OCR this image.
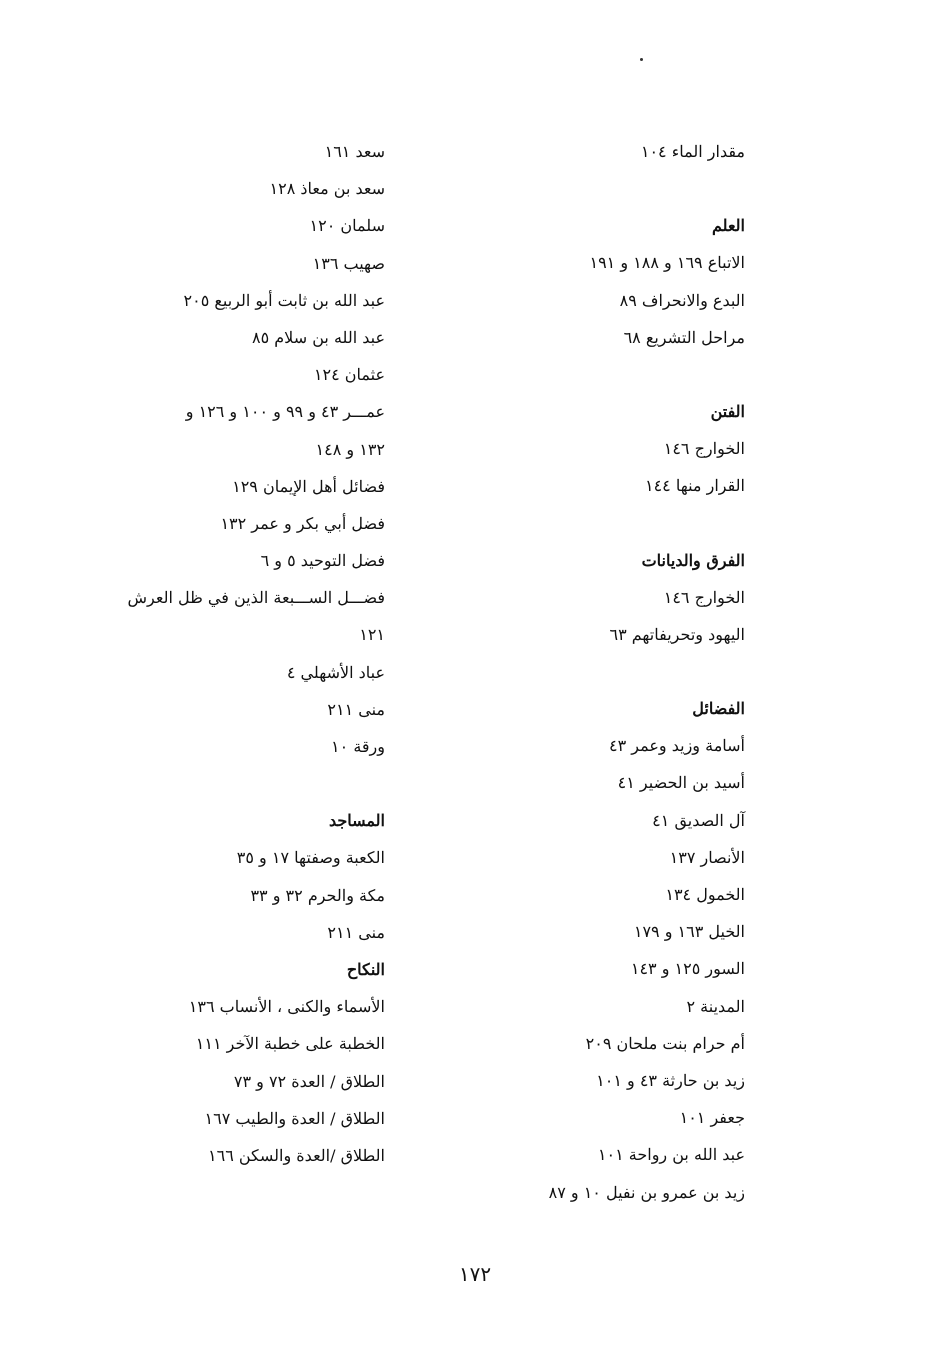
مقدار الماء ١٠٤
العلم
الاتباع ١٦٩ و ١٨٨ و ١٩١
البدع والانحراف ٨٩
مراحل التشريع ٦٨
الفتن
الخوارج ١٤٦
القرار منها ١٤٤
الفرق والديانات
الخوارج ١٤٦
اليهود وتحريفاتهم ٦٣
الفضائل
أسامة وزيد وعمر ٤٣
أسيد بن الحضير ٤١
آل الصديق ٤١
الأنصار ١٣٧
الخمول ١٣٤
الخيل ١٦٣ و ١٧٩
السور ١٢٥ و ١٤٣
المدينة ٢
أم حرام بنت ملحان ٢٠٩
زيد بن حارثة ٤٣ و ١٠١
جعفر ١٠١
عبد الله بن رواحة ١٠١
زيد بن عمرو بن نفيل ١٠ و ٨٧
سعد ١٦١
سعد بن معاذ ١٢٨
سلمان ١٢٠
صهيب ١٣٦
عبد الله بن ثابت أبو الربيع ٢٠٥
عبد الله بن سلام ٨٥
عثمان ١٢٤
عمـــر ٤٣ و ٩٩ و ١٠٠ و ١٢٦ و
١٣٢ و ١٤٨
فضائل أهل الإيمان ١٢٩
فضل أبي بكر و عمر ١٣٢
فضل التوحيد ٥ و ٦
فضـــل الســـبعة الذين في ظل العرش
١٢١
عباد الأشهلي ٤
منى ٢١١
ورقة ١٠
المساجد
الكعبة وصفتها ١٧ و ٣٥
مكة والحرم ٣٢ و ٣٣
منى ٢١١
النكاح
الأسماء والكنى ، الأنساب ١٣٦
الخطبة على خطبة الآخر ١١١
الطلاق / العدة ٧٢ و ٧٣
الطلاق / العدة والطيب ١٦٧
الطلاق /العدة والسكن ١٦٦
١٧٢
